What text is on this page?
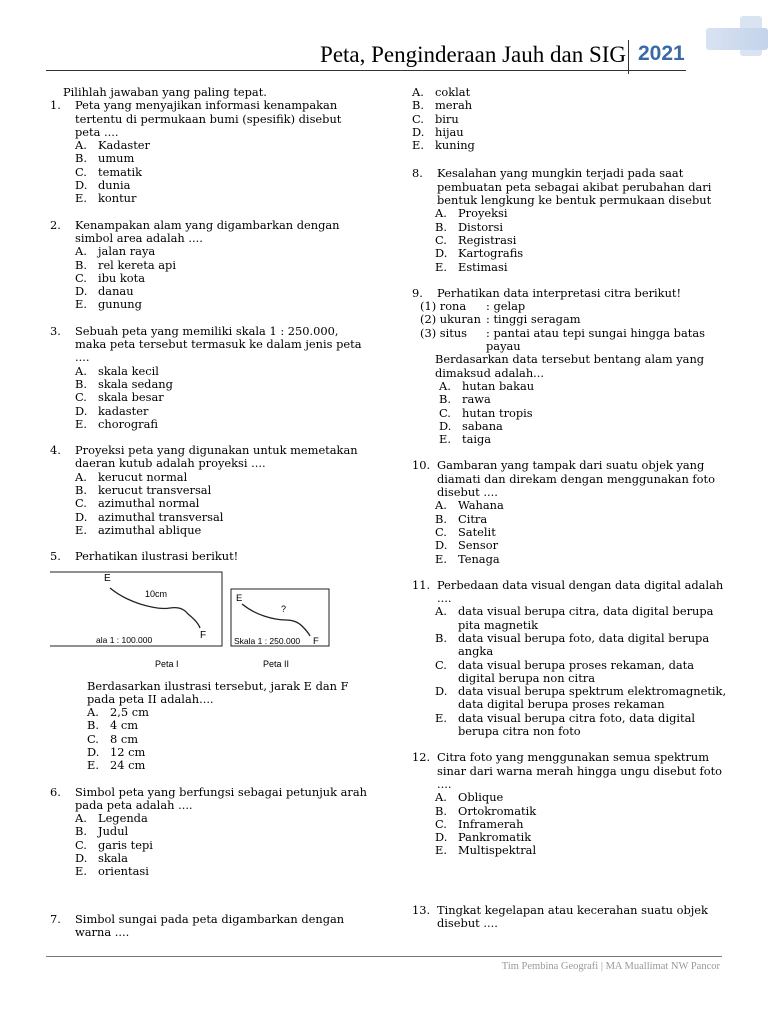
Peta, Penginderaan Jauh dan SIG 2021
Pilihlah jawaban yang paling tepat.
1.	Peta yang menyajikan informasi kenampakan tertentu di permukaan bumi (spesifik) disebut peta ....
A. Kadaster
B. umum
C. tematik
D. dunia
E. kontur
2.	Kenampakan alam yang digambarkan dengan simbol area adalah ....
A. jalan raya
B. rel kereta api
C. ibu kota
D. danau
E. gunung
3.	Sebuah peta yang memiliki skala 1 : 250.000, maka peta tersebut termasuk ke dalam jenis peta ....
A. skala kecil
B. skala sedang
C. skala besar
D. kadaster
E. chorografi
4.	Proyeksi peta yang digunakan untuk memetakan daeran kutub adalah proyeksi ....
A. kerucut normal
B. kerucut transversal
C. azimuthal normal
D. azimuthal transversal
E. azimuthal ablique
5.	Perhatikan ilustrasi berikut!
E
10cm
F
ala 1 : 100.000
Peta I
E
?
F
Skala 1 : 250.000
Peta II
Berdasarkan ilustrasi tersebut, jarak E dan F pada peta II adalah....
A. 2,5 cm
B. 4 cm
C. 8 cm
D. 12 cm
E. 24 cm
6.	Simbol peta yang berfungsi sebagai petunjuk arah pada peta adalah ....
A. Legenda
B. Judul
C. garis tepi
D. skala
E. orientasi
7.	Simbol sungai pada peta digambarkan dengan warna ....
A. coklat
B. merah
C. biru
D. hijau
E. kuning
8.	Kesalahan yang mungkin terjadi pada saat pembuatan peta sebagai akibat perubahan dari bentuk lengkung ke bentuk permukaan disebut
A. Proyeksi
B. Distorsi
C. Registrasi
D. Kartografis
E. Estimasi
9.	Perhatikan data interpretasi citra berikut!
(1) rona	: gelap
(2) ukuran : tinggi seragam
(3) situs	: pantai atau tepi sungai hingga batas payau
Berdasarkan data tersebut bentang alam yang dimaksud adalah...
A. hutan bakau
B. rawa
C. hutan tropis
D. sabana
E. taiga
10. Gambaran yang tampak dari suatu objek yang diamati dan direkam dengan menggunakan foto disebut ....
A. Wahana
B. Citra
C. Satelit
D. Sensor
E. Tenaga
11. Perbedaan data visual dengan data digital adalah ....
A. data visual berupa citra, data digital berupa pita magnetik
B. data visual berupa foto, data digital berupa angka
C. data visual berupa proses rekaman, data digital berupa non citra
D. data visual berupa spektrum elektromagnetik, data digital berupa proses rekaman
E. data visual berupa citra foto, data digital berupa citra non foto
12. Citra foto yang menggunakan semua spektrum sinar dari warna merah hingga ungu disebut foto ....
A. Oblique
B. Ortokromatik
C. Inframerah
D. Pankromatik
E. Multispektral
13. Tingkat kegelapan atau kecerahan suatu objek disebut ....
Tim Pembina Geografi | MA Muallimat NW Pancor
